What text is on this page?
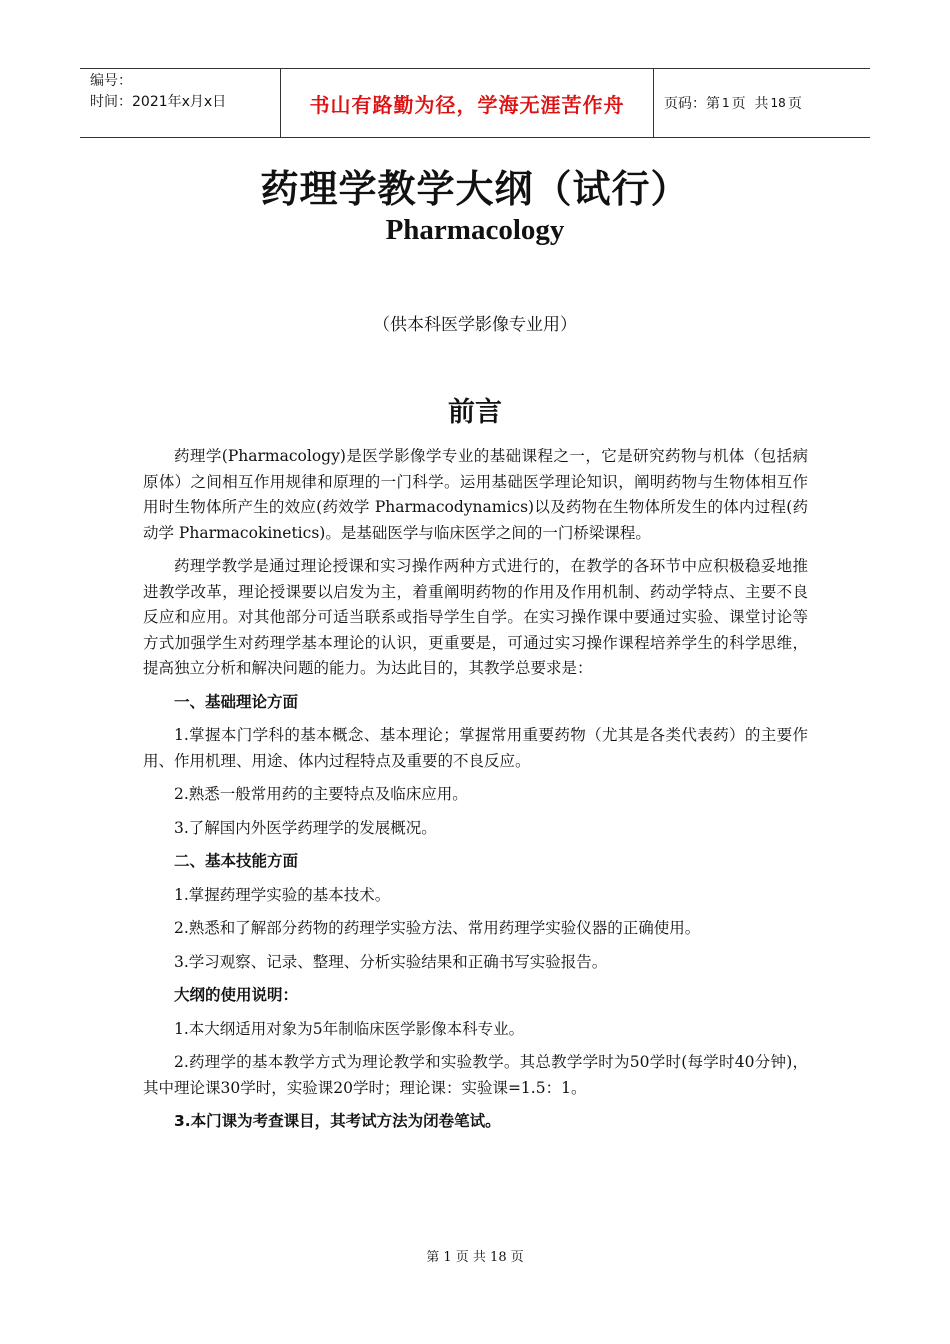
编号：
时间：2021年x月x日	书山有路勤为径，学海无涯苦作舟	页码：第 1 页  共 18 页
药理学教学大纲（试行）
Pharmacology
（供本科医学影像专业用）
前言

药理学(Pharmacology)是医学影像学专业的基础课程之一，它是研究药物与机体（包括病原体）之间相互作用规律和原理的一门科学。运用基础医学理论知识，阐明药物与生物体相互作用时生物体所产生的效应(药效学 Pharmacodynamics)以及药物在生物体所发生的体内过程(药动学 Pharmacokinetics)。是基础医学与临床医学之间的一门桥梁课程。

药理学教学是通过理论授课和实习操作两种方式进行的，在教学的各环节中应积极稳妥地推进教学改革，理论授课要以启发为主，着重阐明药物的作用及作用机制、药动学特点、主要不良反应和应用。对其他部分可适当联系或指导学生自学。在实习操作课中要通过实验、课堂讨论等方式加强学生对药理学基本理论的认识，更重要是，可通过实习操作课程培养学生的科学思维，提高独立分析和解决问题的能力。为达此目的，其教学总要求是：

一、基础理论方面

1.掌握本门学科的基本概念、基本理论；掌握常用重要药物（尤其是各类代表药）的主要作用、作用机理、用途、体内过程特点及重要的不良反应。

2.熟悉一般常用药的主要特点及临床应用。

3.了解国内外医学药理学的发展概况。

二、基本技能方面

1.掌握药理学实验的基本技术。

2.熟悉和了解部分药物的药理学实验方法、常用药理学实验仪器的正确使用。

3.学习观察、记录、整理、分析实验结果和正确书写实验报告。

大纲的使用说明：

1.本大纲适用对象为5年制临床医学影像本科专业。

2.药理学的基本教学方式为理论教学和实验教学。其总教学学时为50学时(每学时40分钟)，其中理论课30学时，实验课20学时；理论课：实验课=1.5：1。

3.本门课为考查课目，其考试方法为闭卷笔试。

第 1 页 共 18 页
